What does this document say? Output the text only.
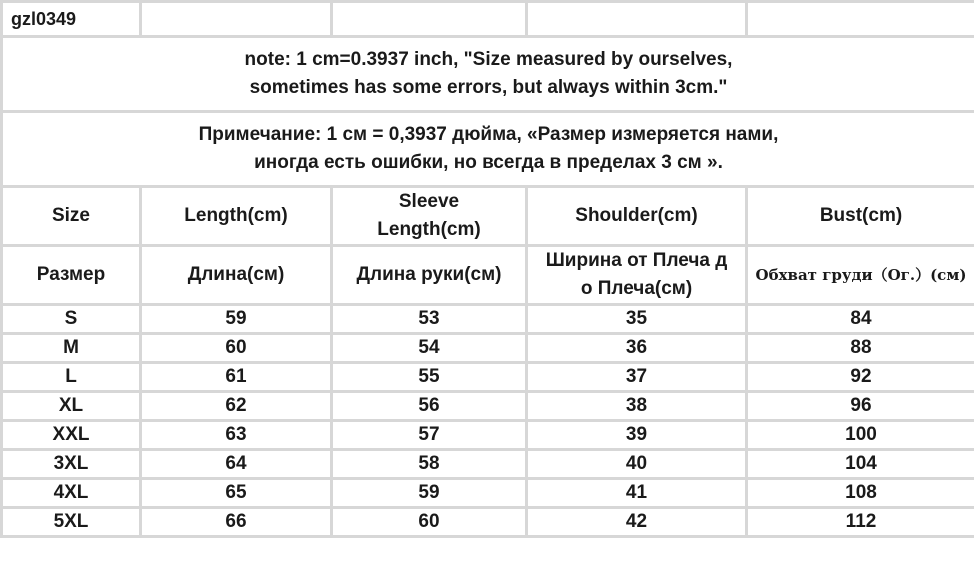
gzl0349				

note: 1 cm=0.3937 inch, "Size measured by ourselves,
sometimes has some errors, but always within 3cm."				

Примечание: 1 см = 0,3937 дюйма, «Размер измеряется нами,
иногда есть ошибки, но всегда в пределах 3 см ».				

Size	Length(cm)	Sleeve
Length(cm)	Shoulder(cm)	Bust(cm)
Размер	Длина(см)	Длина руки(см)	Ширина от Плеча д
о Плеча(см)	Обхват груди（Ог.）(см)
S	59	53	35	84
M	60	54	36	88
L	61	55	37	92
XL	62	56	38	96
XXL	63	57	39	100
3XL	64	58	40	104
4XL	65	59	41	108
5XL	66	60	42	112
